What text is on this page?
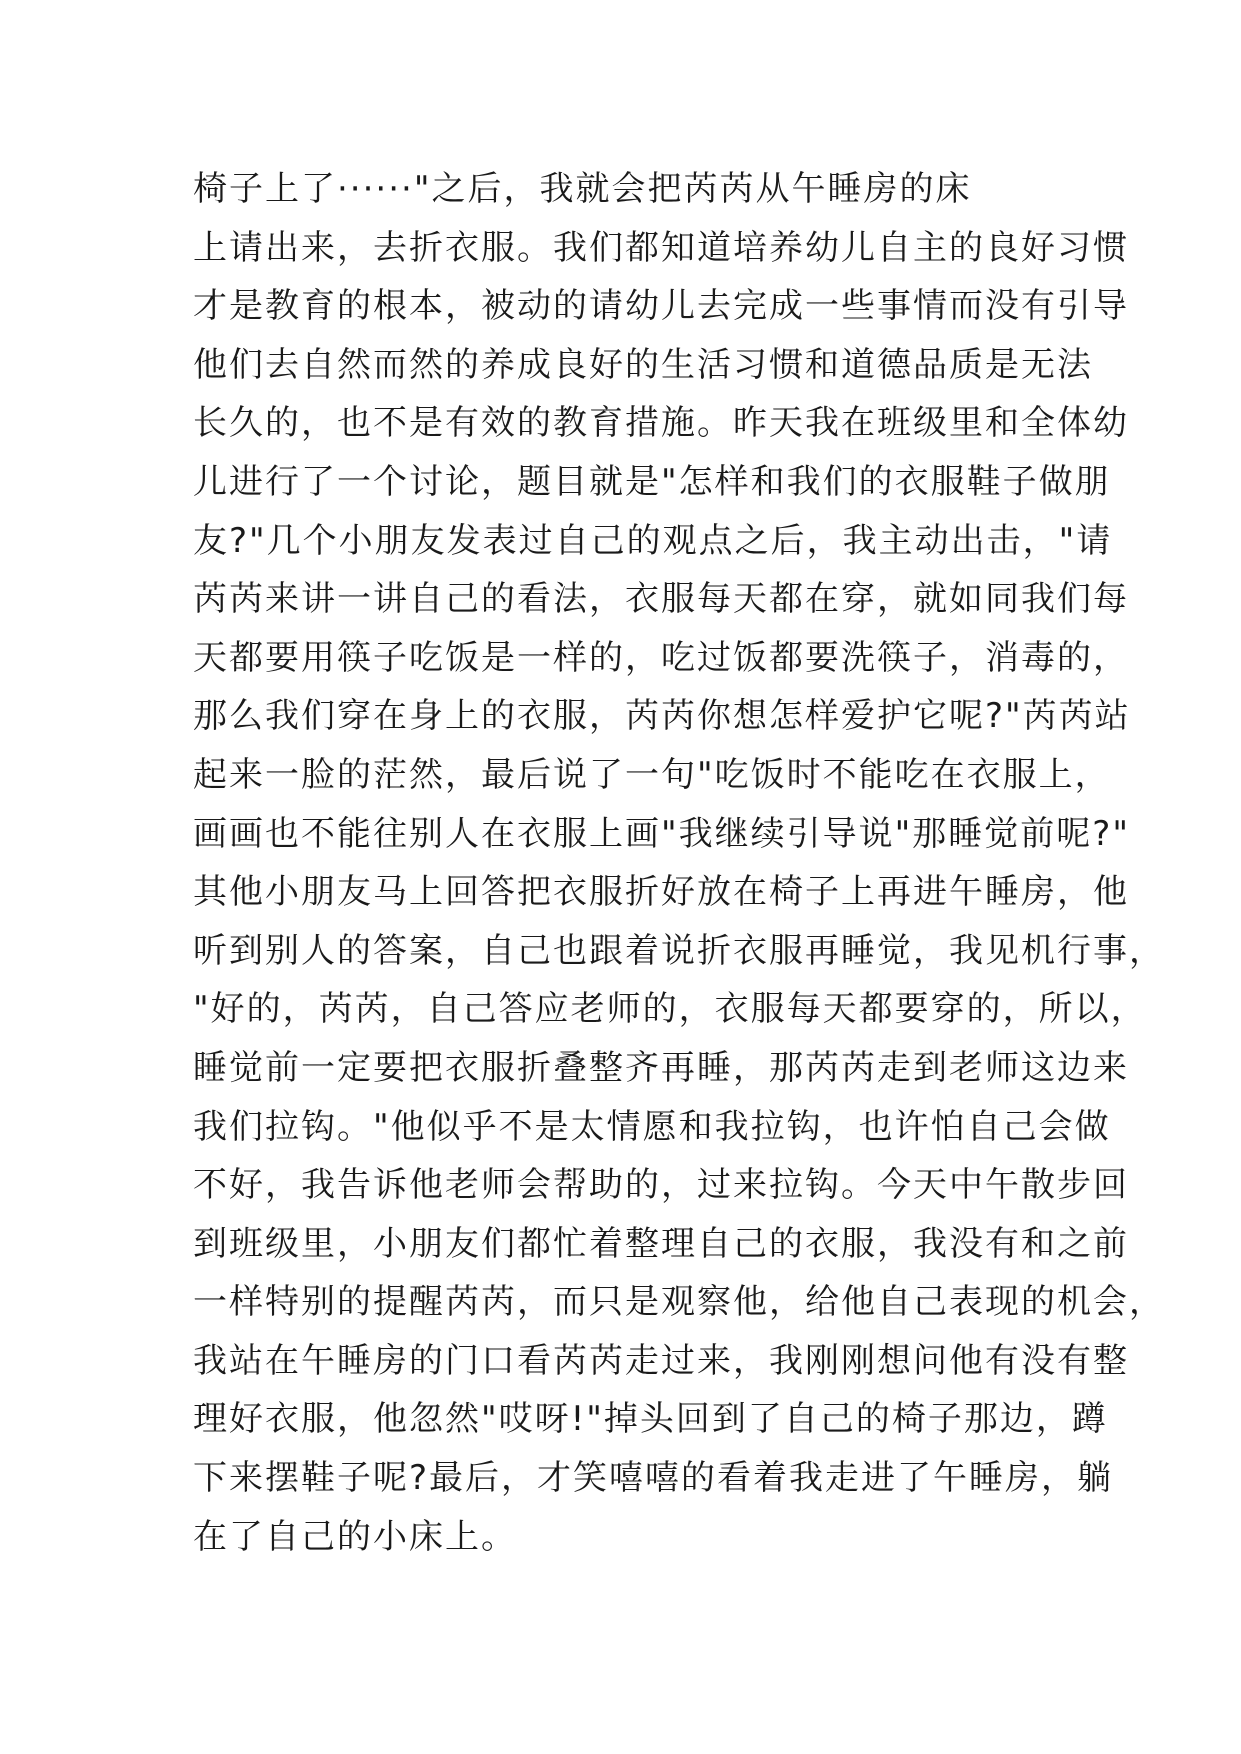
椅子上了······"之后，我就会把芮芮从午睡房的床
上请出来，去折衣服。我们都知道培养幼儿自主的良好习惯
才是教育的根本，被动的请幼儿去完成一些事情而没有引导
他们去自然而然的养成良好的生活习惯和道德品质是无法
长久的，也不是有效的教育措施。昨天我在班级里和全体幼
儿进行了一个讨论，题目就是"怎样和我们的衣服鞋子做朋
友?"几个小朋友发表过自己的观点之后，我主动出击，"请
芮芮来讲一讲自己的看法，衣服每天都在穿，就如同我们每
天都要用筷子吃饭是一样的，吃过饭都要洗筷子，消毒的，
那么我们穿在身上的衣服，芮芮你想怎样爱护它呢?"芮芮站
起来一脸的茫然，最后说了一句"吃饭时不能吃在衣服上，
画画也不能往别人在衣服上画"我继续引导说"那睡觉前呢?"
其他小朋友马上回答把衣服折好放在椅子上再进午睡房，他
听到别人的答案，自己也跟着说折衣服再睡觉，我见机行事，
"好的，芮芮，自己答应老师的，衣服每天都要穿的，所以，
睡觉前一定要把衣服折叠整齐再睡，那芮芮走到老师这边来
我们拉钩。"他似乎不是太情愿和我拉钩，也许怕自己会做
不好，我告诉他老师会帮助的，过来拉钩。今天中午散步回
到班级里，小朋友们都忙着整理自己的衣服，我没有和之前
一样特别的提醒芮芮，而只是观察他，给他自己表现的机会，
我站在午睡房的门口看芮芮走过来，我刚刚想问他有没有整
理好衣服，他忽然"哎呀!"掉头回到了自己的椅子那边，蹲
下来摆鞋子呢?最后，才笑嘻嘻的看着我走进了午睡房，躺
在了自己的小床上。
